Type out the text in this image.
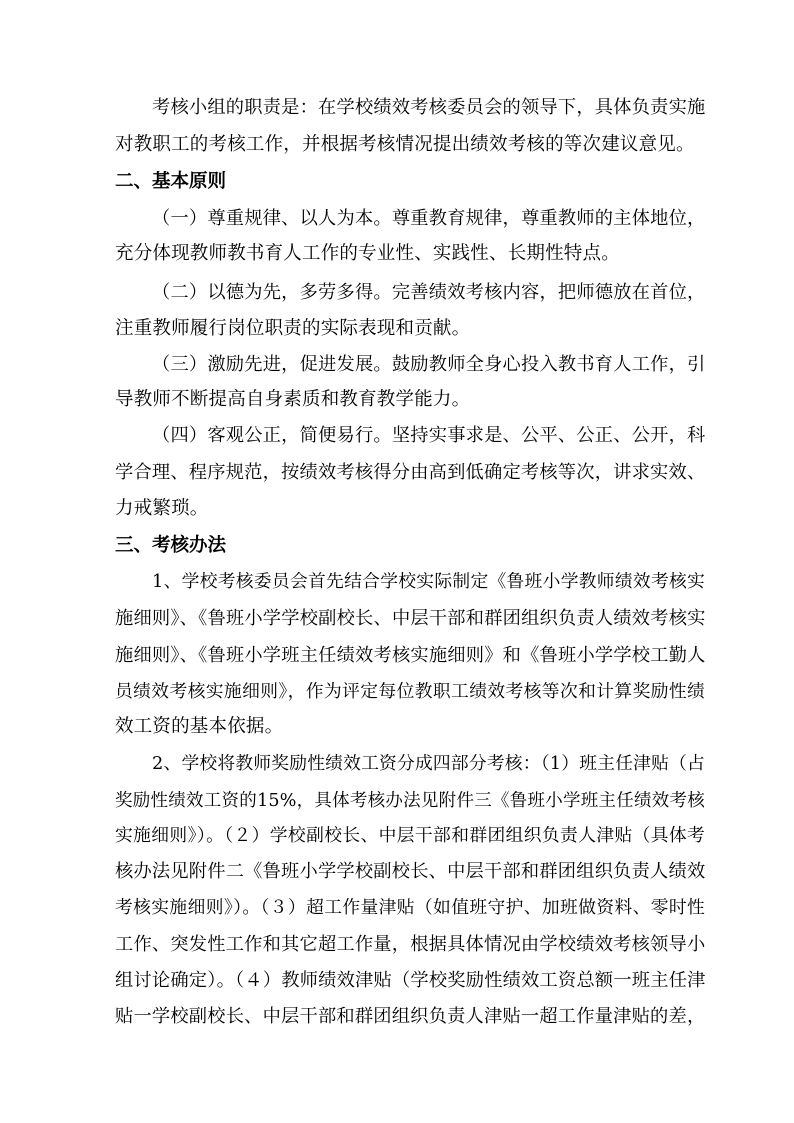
考核小组的职责是：在学校绩效考核委员会的领导下，具体负责实施
对教职工的考核工作，并根据考核情况提出绩效考核的等次建议意见。
二、基本原则
（一）尊重规律、以人为本。尊重教育规律，尊重教师的主体地位，
充分体现教师教书育人工作的专业性、实践性、长期性特点。
（二）以德为先，多劳多得。完善绩效考核内容，把师德放在首位，
注重教师履行岗位职责的实际表现和贡献。
（三）激励先进，促进发展。鼓励教师全身心投入教书育人工作，引
导教师不断提高自身素质和教育教学能力。
（四）客观公正，简便易行。坚持实事求是、公平、公正、公开，科
学合理、程序规范，按绩效考核得分由高到低确定考核等次，讲求实效、
力戒繁琐。
三、考核办法
1、学校考核委员会首先结合学校实际制定《鲁班小学教师绩效考核实
施细则》、《鲁班小学学校副校长、中层干部和群团组织负责人绩效考核实
施细则》、《鲁班小学班主任绩效考核实施细则》和《鲁班小学学校工勤人
员绩效考核实施细则》，作为评定每位教职工绩效考核等次和计算奖励性绩
效工资的基本依据。
2、学校将教师奖励性绩效工资分成四部分考核：（1）班主任津贴（占
奖励性绩效工资的15%，具体考核办法见附件三《鲁班小学班主任绩效考核
实施细则》）。（２）学校副校长、中层干部和群团组织负责人津贴（具体考
核办法见附件二《鲁班小学学校副校长、中层干部和群团组织负责人绩效
考核实施细则》）。（３）超工作量津贴（如值班守护、加班做资料、零时性
工作、突发性工作和其它超工作量，根据具体情况由学校绩效考核领导小
组讨论确定）。（４）教师绩效津贴（学校奖励性绩效工资总额一班主任津
贴一学校副校长、中层干部和群团组织负责人津贴一超工作量津贴的差，
